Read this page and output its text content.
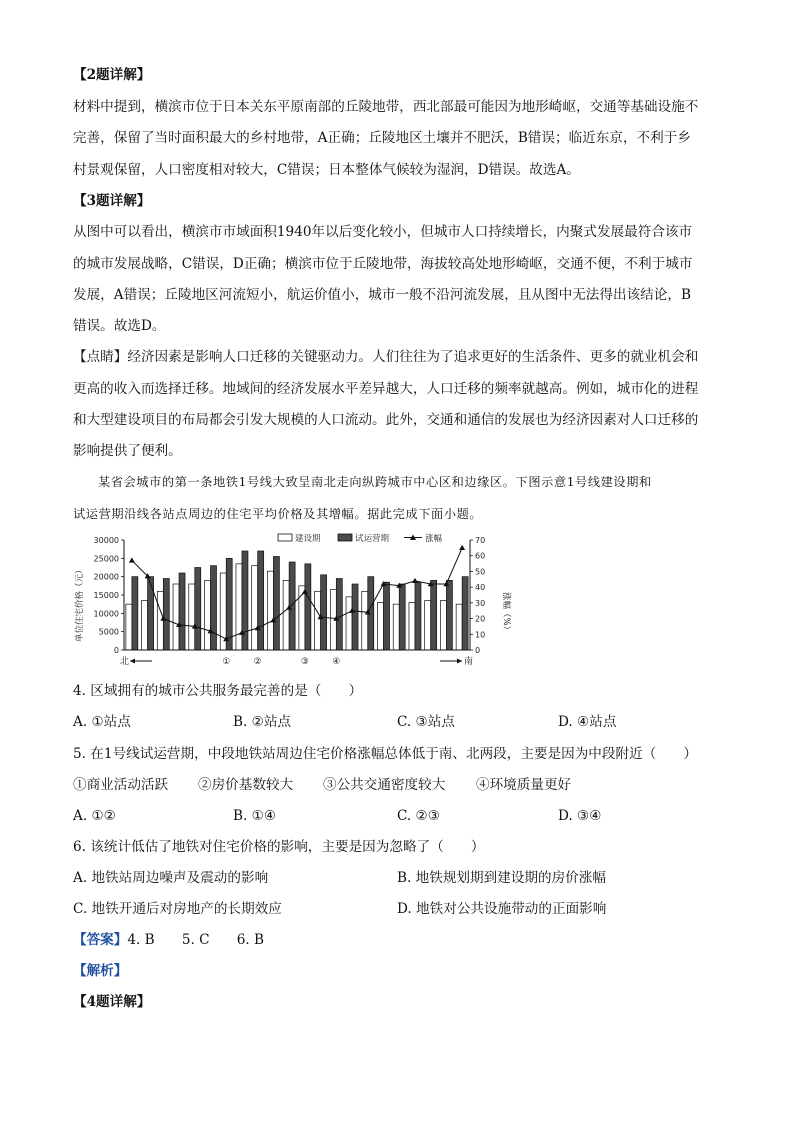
【2题详解】
材料中提到，横滨市位于日本关东平原南部的丘陵地带，西北部最可能因为地形崎岖，交通等基础设施不
完善，保留了当时面积最大的乡村地带，A正确；丘陵地区土壤并不肥沃，B错误；临近东京，不利于乡
村景观保留，人口密度相对较大，C错误；日本整体气候较为湿润，D错误。故选A。
【3题详解】
从图中可以看出，横滨市市域面积1940年以后变化较小，但城市人口持续增长，内聚式发展最符合该市
的城市发展战略，C错误，D正确；横滨市位于丘陵地带，海拔较高处地形崎岖，交通不便，不利于城市
发展，A错误；丘陵地区河流短小，航运价值小，城市一般不沿河流发展，且从图中无法得出该结论，B
错误。故选D。
【点睛】经济因素是影响人口迁移的关键驱动力。人们往往为了追求更好的生活条件、更多的就业机会和
更高的收入而选择迁移。地域间的经济发展水平差异越大，人口迁移的频率就越高。例如，城市化的进程
和大型建设项目的布局都会引发大规模的人口流动。此外，交通和通信的发展也为经济因素对人口迁移的
影响提供了便利。
某省会城市的第一条地铁1号线大致呈南北走向纵跨城市中心区和边缘区。下图示意1号线建设期和
试运营期沿线各站点周边的住宅平均价格及其增幅。据此完成下面小题。
0
5000
10000
15000
20000
25000
30000
0
10
20
30
40
50
60
70
建设期	试运营期	涨幅
单位住宅价格（元）	涨幅（%）
北	南
①	②	③	④
4. 区域拥有的城市公共服务最完善的是（　　）
A. ①站点	B. ②站点	C. ③站点	D. ④站点
5. 在1号线试运营期，中段地铁站周边住宅价格涨幅总体低于南、北两段，主要是因为中段附近（　　）
①商业活动活跃 ②房价基数较大 ③公共交通密度较大 ④环境质量更好
A. ①②	B. ①④	C. ②③	D. ③④
6. 该统计低估了地铁对住宅价格的影响，主要是因为忽略了（　　）
A. 地铁站周边噪声及震动的影响	B. 地铁规划期到建设期的房价涨幅
C. 地铁开通后对房地产的长期效应	D. 地铁对公共设施带动的正面影响
【答案】4. B　　5. C　　6. B
【解析】
【4题详解】
